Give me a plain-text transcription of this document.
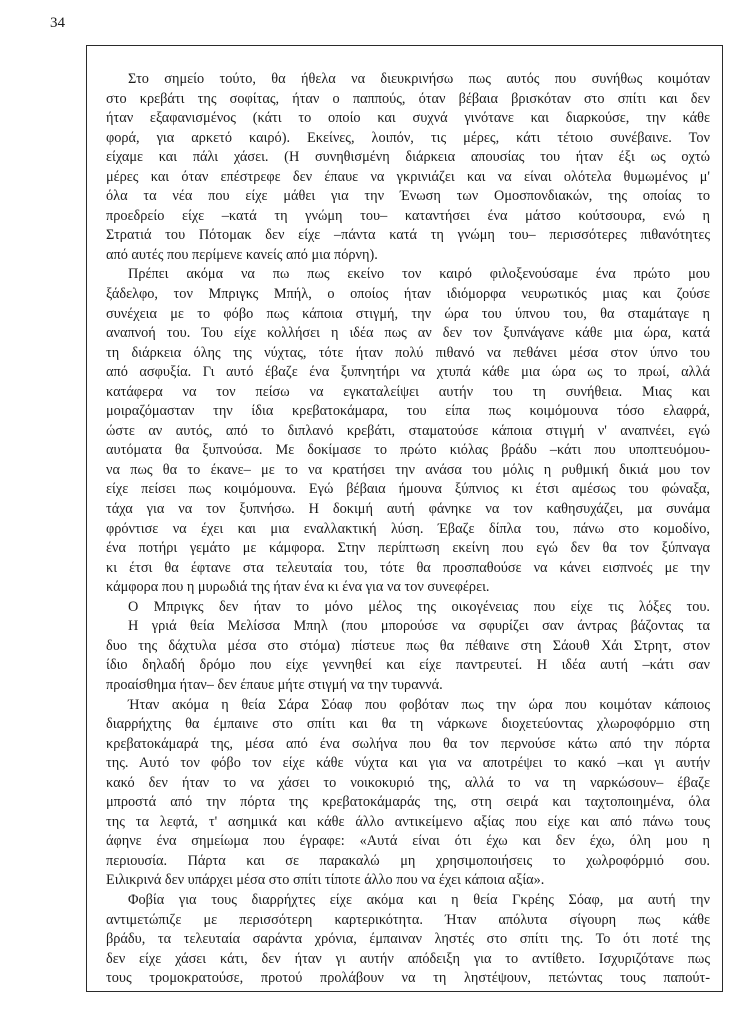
34
Στο σημείο τούτο, θα ήθελα να διευκρινήσω πως αυτός που συνήθως κοιμόταν
στο κρεβάτι της σοφίτας, ήταν ο παππούς, όταν βέβαια βρισκόταν στο σπίτι και δεν
ήταν εξαφανισμένος (κάτι το οποίο και συχνά γινότανε και διαρκούσε, την κάθε
φορά, για αρκετό καιρό). Εκείνες, λοιπόν, τις μέρες, κάτι τέτοιο συνέβαινε. Τον
είχαμε και πάλι χάσει. (Η συνηθισμένη διάρκεια απουσίας του ήταν έξι ως οχτώ
μέρες και όταν επέστρεφε δεν έπαυε να γκρινιάζει και να είναι ολότελα θυμωμένος μ'
όλα τα νέα που είχε μάθει για την Ένωση των Ομοσπονδιακών, της οποίας το
προεδρείο είχε –κατά τη γνώμη του– καταντήσει ένα μάτσο κούτσουρα, ενώ η
Στρατιά του Πότομακ δεν είχε –πάντα κατά τη γνώμη του– περισσότερες πιθανότητες
από αυτές που περίμενε κανείς από μια πόρνη).
Πρέπει ακόμα να πω πως εκείνο τον καιρό φιλοξενούσαμε ένα πρώτο μου
ξάδελφο, τον Μπριγκς Μπήλ, ο οποίος ήταν ιδιόμορφα νευρωτικός μιας και ζούσε
συνέχεια με το φόβο πως κάποια στιγμή, την ώρα του ύπνου του, θα σταμάταγε η
αναπνοή του. Του είχε κολλήσει η ιδέα πως αν δεν τον ξυπνάγανε κάθε μια ώρα, κατά
τη διάρκεια όλης της νύχτας, τότε ήταν πολύ πιθανό να πεθάνει μέσα στον ύπνο του
από ασφυξία. Γι αυτό έβαζε ένα ξυπνητήρι να χτυπά κάθε μια ώρα ως το πρωί, αλλά
κατάφερα να τον πείσω να εγκαταλείψει αυτήν του τη συνήθεια. Μιας και
μοιραζόμασταν την ίδια κρεβατοκάμαρα, του είπα πως κοιμόμουνα τόσο ελαφρά,
ώστε αν αυτός, από το διπλανό κρεβάτι, σταματούσε κάποια στιγμή ν' αναπνέει, εγώ
αυτόματα θα ξυπνούσα. Με δοκίμασε το πρώτο κιόλας βράδυ –κάτι που υποπτευόμου-
να πως θα το έκανε– με το να κρατήσει την ανάσα του μόλις η ρυθμική δικιά μου τον
είχε πείσει πως κοιμόμουνα. Εγώ βέβαια ήμουνα ξύπνιος κι έτσι αμέσως του φώναξα,
τάχα για να τον ξυπνήσω. Η δοκιμή αυτή φάνηκε να τον καθησυχάζει, μα συνάμα
φρόντισε να έχει και μια εναλλακτική λύση. Έβαζε δίπλα του, πάνω στο κομοδίνο,
ένα ποτήρι γεμάτο με κάμφορα. Στην περίπτωση εκείνη που εγώ δεν θα τον ξύπναγα
κι έτσι θα έφτανε στα τελευταία του, τότε θα προσπαθούσε να κάνει εισπνοές με την
κάμφορα που η μυρωδιά της ήταν ένα κι ένα για να τον συνεφέρει.
Ο Μπριγκς δεν ήταν το μόνο μέλος της οικογένειας που είχε τις λόξες του.
Η γριά θεία Μελίσσα Μπηλ (που μπορούσε να σφυρίζει σαν άντρας βάζοντας τα
δυο της δάχτυλα μέσα στο στόμα) πίστευε πως θα πέθαινε στη Σάουθ Χάι Στρητ, στον
ίδιο δηλαδή δρόμο που είχε γεννηθεί και είχε παντρευτεί. Η ιδέα αυτή –κάτι σαν
προαίσθημα ήταν– δεν έπαυε μήτε στιγμή να την τυραννά.
Ήταν ακόμα η θεία Σάρα Σόαφ που φοβόταν πως την ώρα που κοιμόταν κάποιος
διαρρήχτης θα έμπαινε στο σπίτι και θα τη νάρκωνε διοχετεύοντας χλωροφόρμιο στη
κρεβατοκάμαρά της, μέσα από ένα σωλήνα που θα τον περνούσε κάτω από την πόρτα
της. Αυτό τον φόβο τον είχε κάθε νύχτα και για να αποτρέψει το κακό –και γι αυτήν
κακό δεν ήταν το να χάσει το νοικοκυριό της, αλλά το να τη ναρκώσουν– έβαζε
μπροστά από την πόρτα της κρεβατοκάμαράς της, στη σειρά και ταχτοποιημένα, όλα
της τα λεφτά, τ' ασημικά και κάθε άλλο αντικείμενο αξίας που είχε και από πάνω τους
άφηνε ένα σημείωμα που έγραφε: «Αυτά είναι ότι έχω και δεν έχω, όλη μου η
περιουσία. Πάρτα και σε παρακαλώ μη χρησιμοποιήσεις το χωλροφόρμιό σου.
Ειλικρινά δεν υπάρχει μέσα στο σπίτι τίποτε άλλο που να έχει κάποια αξία».
Φοβία για τους διαρρήχτες είχε ακόμα και η θεία Γκρέης Σόαφ, μα αυτή την
αντιμετώπιζε με περισσότερη καρτερικότητα. Ήταν απόλυτα σίγουρη πως κάθε
βράδυ, τα τελευταία σαράντα χρόνια, έμπαιναν ληστές στο σπίτι της. Το ότι ποτέ της
δεν είχε χάσει κάτι, δεν ήταν γι αυτήν απόδειξη για το αντίθετο. Ισχυριζότανε πως
τους τρομοκρατούσε, προτού προλάβουν να τη ληστέψουν, πετώντας τους παπούτ-
